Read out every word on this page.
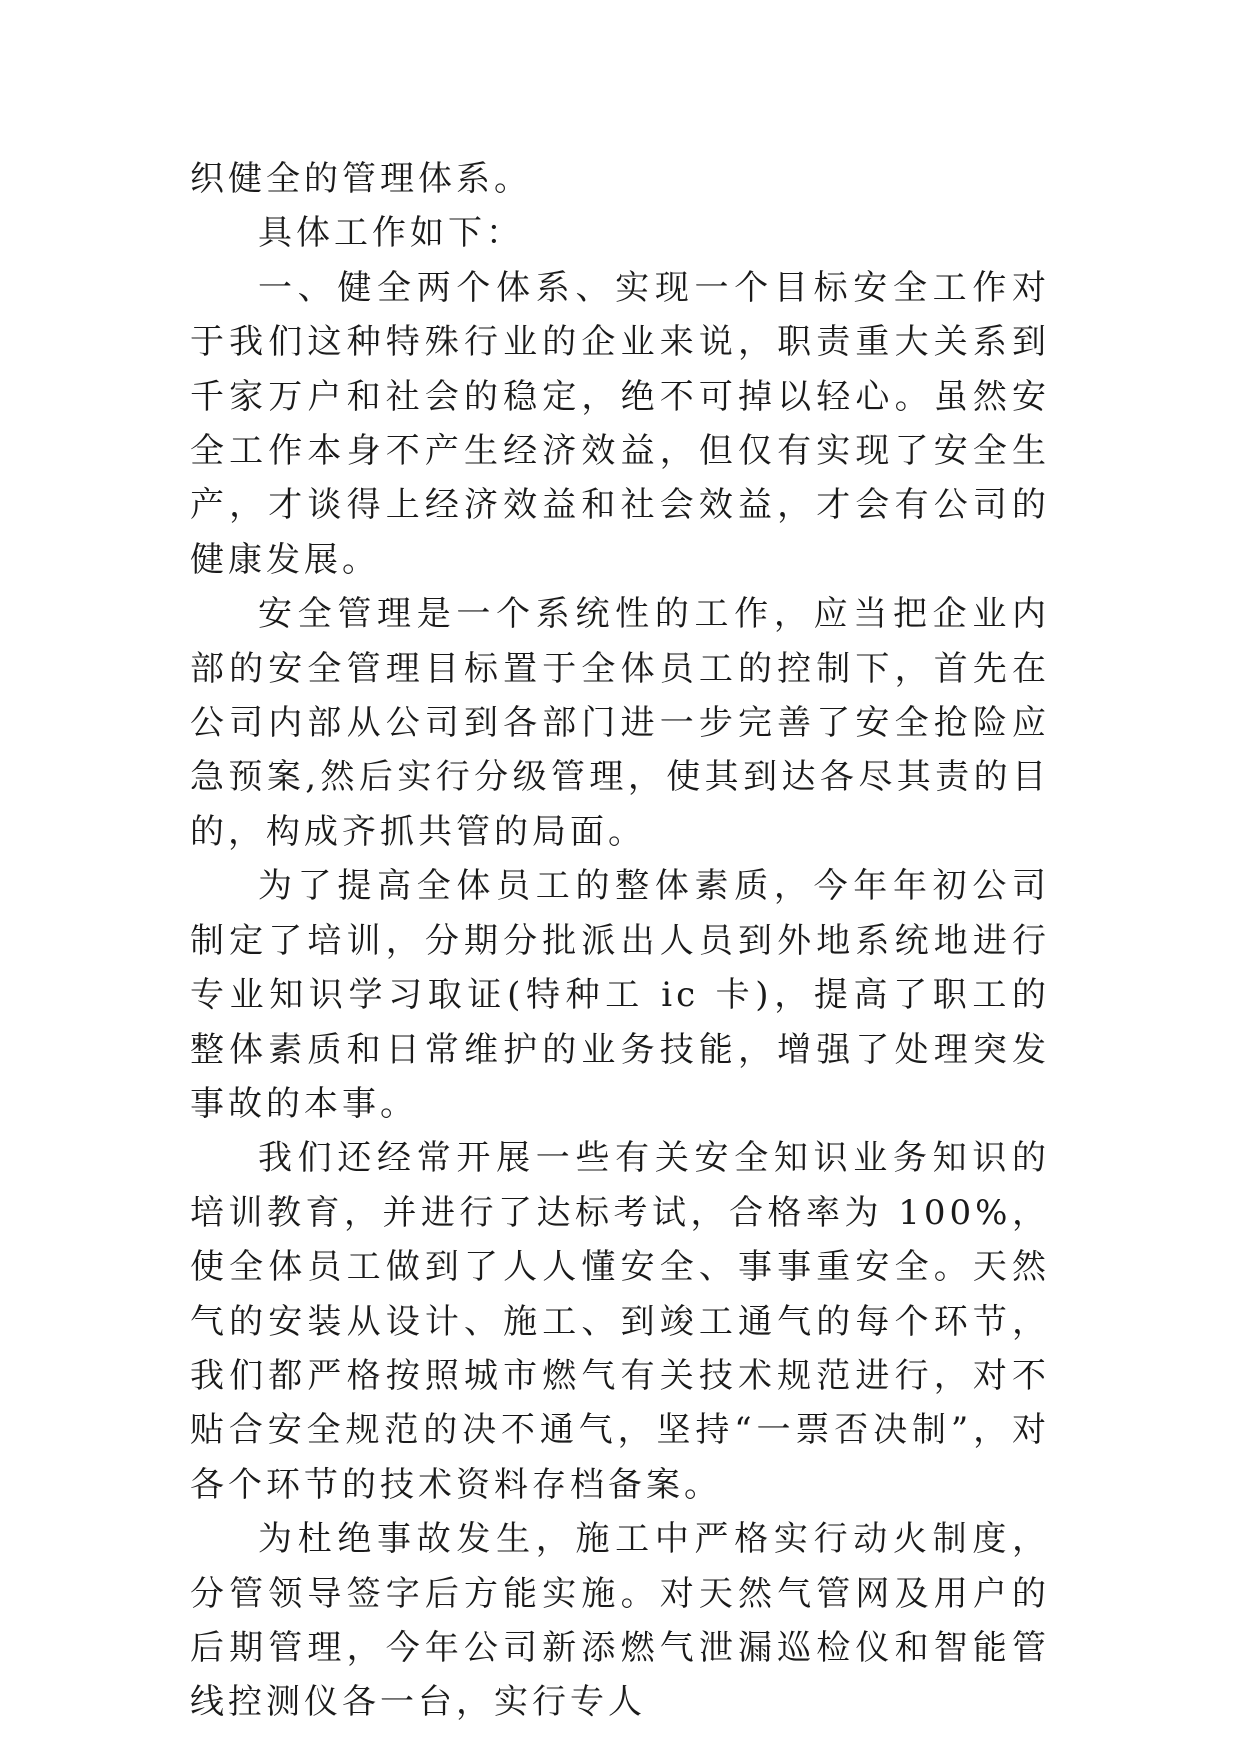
织健全的管理体系。

具体工作如下：

一、健全两个体系、实现一个目标安全工作对于我们这种特殊行业的企业来说，职责重大关系到千家万户和社会的稳定，绝不可掉以轻心。虽然安全工作本身不产生经济效益，但仅有实现了安全生产，才谈得上经济效益和社会效益，才会有公司的健康发展。

安全管理是一个系统性的工作，应当把企业内部的安全管理目标置于全体员工的控制下，首先在公司内部从公司到各部门进一步完善了安全抢险应急预案,然后实行分级管理，使其到达各尽其责的目的，构成齐抓共管的局面。

为了提高全体员工的整体素质，今年年初公司制定了培训，分期分批派出人员到外地系统地进行专业知识学习取证(特种工 ic 卡)，提高了职工的整体素质和日常维护的业务技能，增强了处理突发事故的本事。

我们还经常开展一些有关安全知识业务知识的培训教育，并进行了达标考试，合格率为 100%，使全体员工做到了人人懂安全、事事重安全。天然气的安装从设计、施工、到竣工通气的每个环节，我们都严格按照城市燃气有关技术规范进行，对不贴合安全规范的决不通气，坚持“一票否决制”，对各个环节的技术资料存档备案。

为杜绝事故发生，施工中严格实行动火制度，分管领导签字后方能实施。对天然气管网及用户的后期管理，今年公司新添燃气泄漏巡检仪和智能管线控测仪各一台，实行专人
